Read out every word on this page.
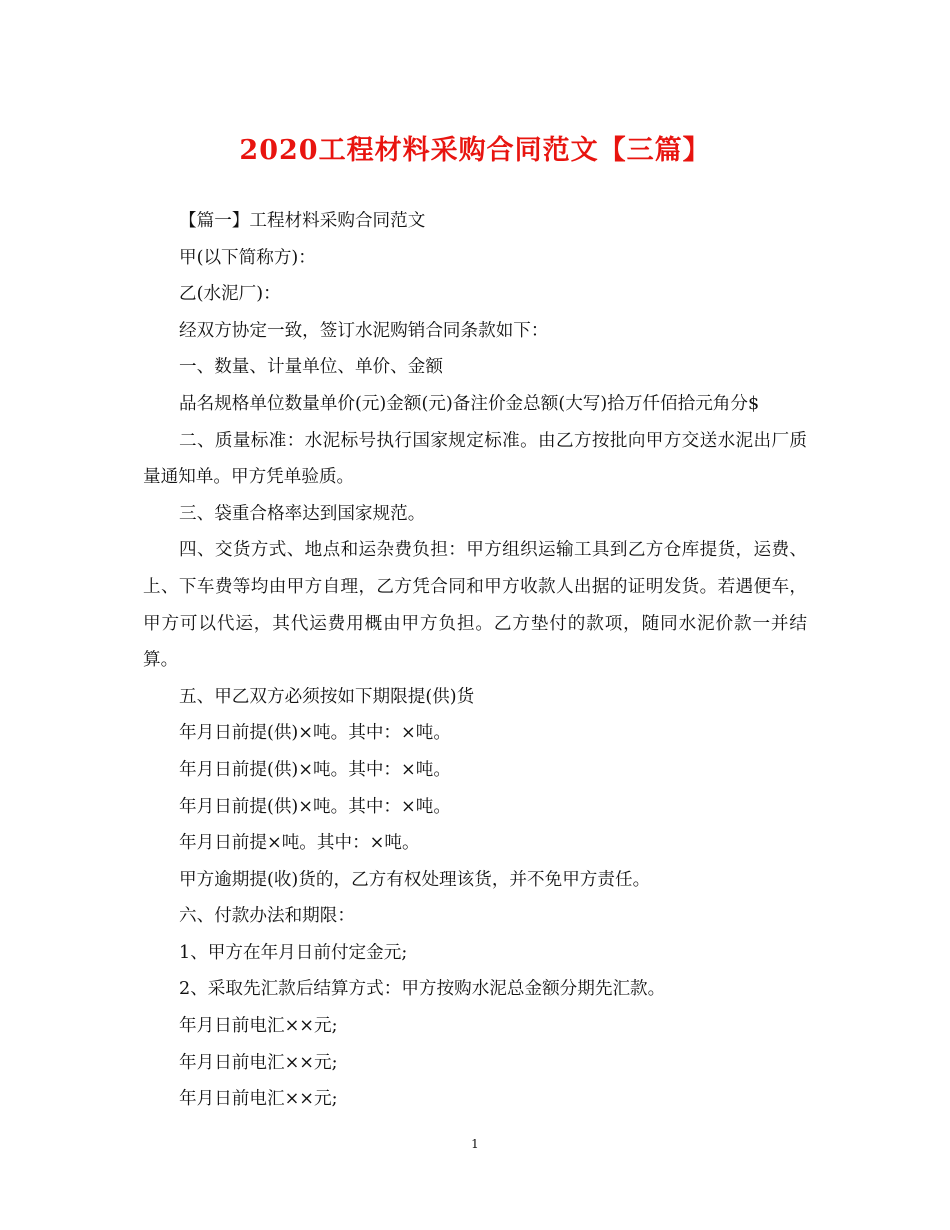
2020工程材料采购合同范文【三篇】

【篇一】工程材料采购合同范文

甲(以下简称方)：

乙(水泥厂)：

经双方协定一致，签订水泥购销合同条款如下：

一、数量、计量单位、单价、金额

品名规格单位数量单价(元)金额(元)备注价金总额(大写)拾万仟佰拾元角分$

二、质量标准：水泥标号执行国家规定标准。由乙方按批向甲方交送水泥出厂质量通知单。甲方凭单验质。

三、袋重合格率达到国家规范。

四、交货方式、地点和运杂费负担：甲方组织运输工具到乙方仓库提货，运费、上、下车费等均由甲方自理，乙方凭合同和甲方收款人出据的证明发货。若遇便车，甲方可以代运，其代运费用概由甲方负担。乙方垫付的款项，随同水泥价款一并结算。

五、甲乙双方必须按如下期限提(供)货

年月日前提(供)×吨。其中：×吨。

年月日前提(供)×吨。其中：×吨。

年月日前提(供)×吨。其中：×吨。

年月日前提×吨。其中：×吨。

甲方逾期提(收)货的，乙方有权处理该货，并不免甲方责任。

六、付款办法和期限：

1、甲方在年月日前付定金元;

2、采取先汇款后结算方式：甲方按购水泥总金额分期先汇款。

年月日前电汇××元;

年月日前电汇××元;

年月日前电汇××元;

1
